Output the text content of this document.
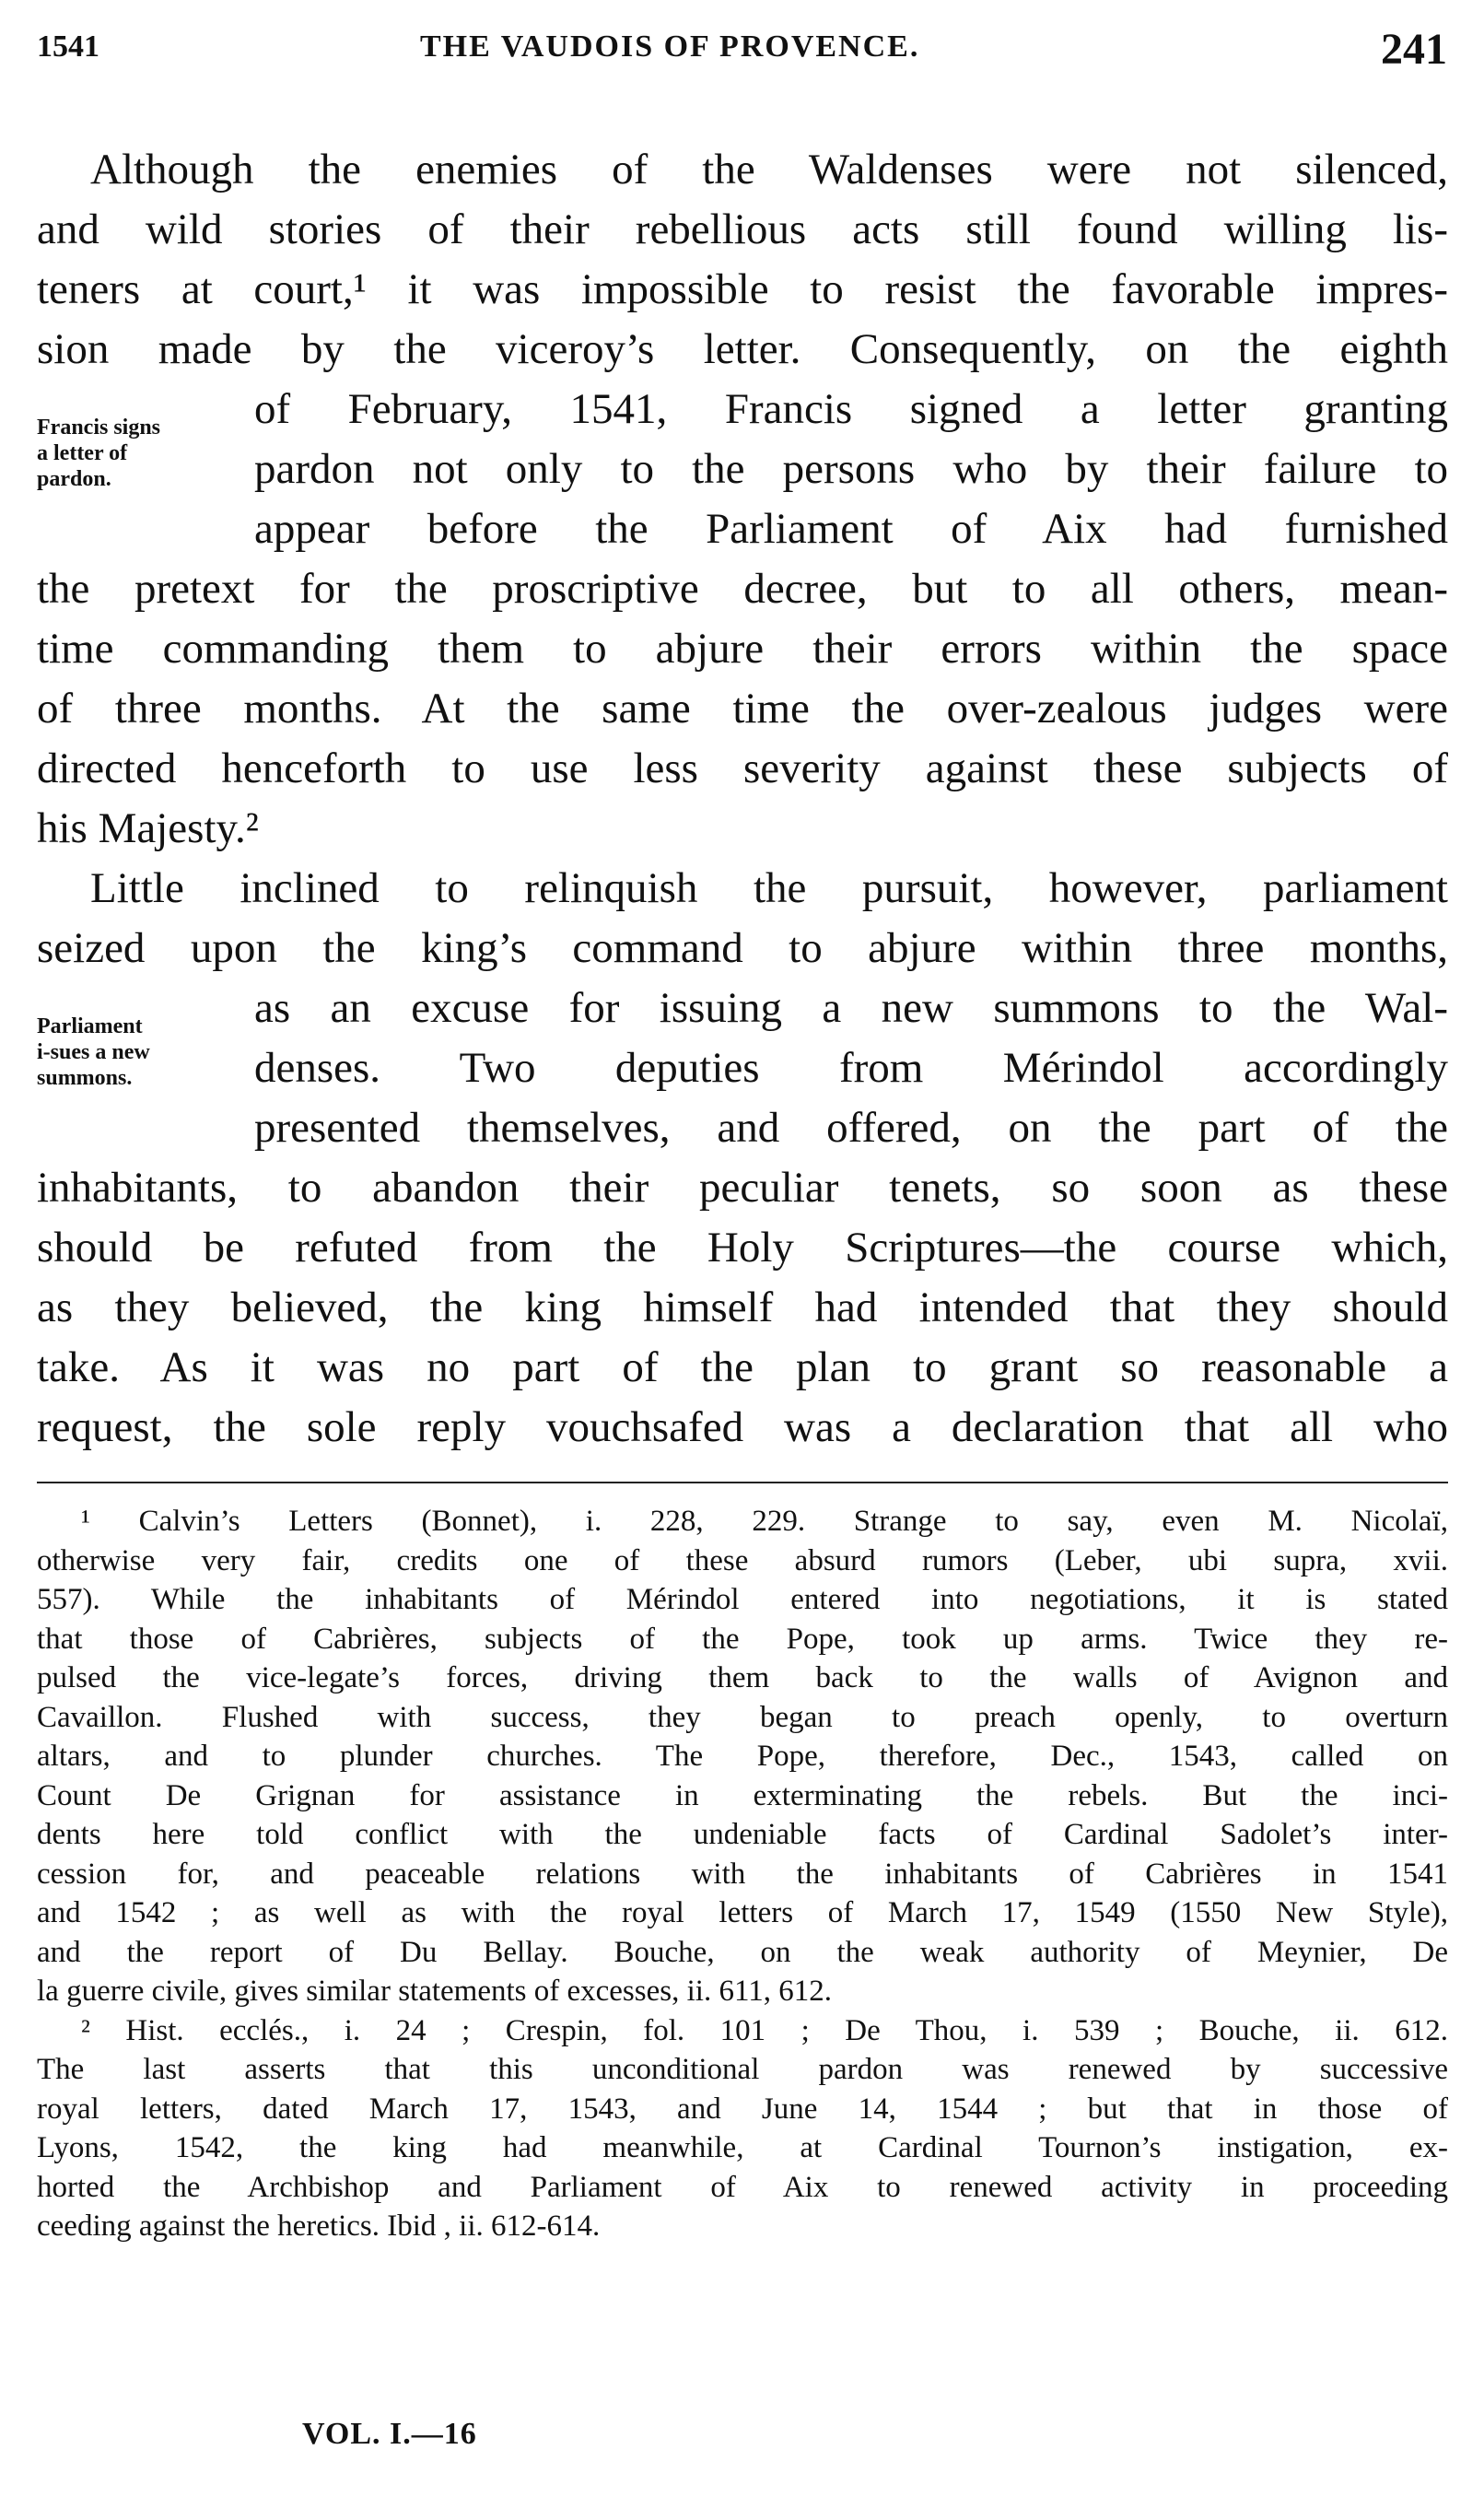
1541	THE VAUDOIS OF PROVENCE.	241
Although the enemies of the Waldenses were not silenced,
and wild stories of their rebellious acts still found willing lis-
teners at court,¹ it was impossible to resist the favorable impres-
sion made by the viceroy’s letter. Consequently, on the eighth
of February, 1541, Francis signed a letter granting
pardon not only to the persons who by their failure to
appear before the Parliament of Aix had furnished
the pretext for the proscriptive decree, but to all others, mean-
time commanding them to abjure their errors within the space
of three months. At the same time the over-zealous judges were
directed henceforth to use less severity against these subjects of
his Majesty.²
Little inclined to relinquish the pursuit, however, parliament
seized upon the king’s command to abjure within three months,
as an excuse for issuing a new summons to the Wal-
denses. Two deputies from Mérindol accordingly
presented themselves, and offered, on the part of the
inhabitants, to abandon their peculiar tenets, so soon as these
should be refuted from the Holy Scriptures—the course which,
as they believed, the king himself had intended that they should
take. As it was no part of the plan to grant so reasonable a
request, the sole reply vouchsafed was a declaration that all who
Francis signs
a letter of
pardon.
Parliament
i-sues a new
summons.
¹ Calvin’s Letters (Bonnet), i. 228, 229. Strange to say, even M. Nicolaï,
otherwise very fair, credits one of these absurd rumors (Leber, ubi supra, xvii.
557). While the inhabitants of Mérindol entered into negotiations, it is stated
that those of Cabrières, subjects of the Pope, took up arms. Twice they re-
pulsed the vice-legate’s forces, driving them back to the walls of Avignon and
Cavaillon. Flushed with success, they began to preach openly, to overturn
altars, and to plunder churches. The Pope, therefore, Dec., 1543, called on
Count De Grignan for assistance in exterminating the rebels. But the inci-
dents here told conflict with the undeniable facts of Cardinal Sadolet’s inter-
cession for, and peaceable relations with the inhabitants of Cabrières in 1541
and 1542 ; as well as with the royal letters of March 17, 1549 (1550 New Style),
and the report of Du Bellay. Bouche, on the weak authority of Meynier, De
la guerre civile, gives similar statements of excesses, ii. 611, 612.
² Hist. ecclés., i. 24 ; Crespin, fol. 101 ; De Thou, i. 539 ; Bouche, ii. 612.
The last asserts that this unconditional pardon was renewed by successive
royal letters, dated March 17, 1543, and June 14, 1544 ; but that in those of
Lyons, 1542, the king had meanwhile, at Cardinal Tournon’s instigation, ex-
horted the Archbishop and Parliament of Aix to renewed activity in proceeding
ceeding against the heretics. Ibid , ii. 612-614.
VOL. I.—16
